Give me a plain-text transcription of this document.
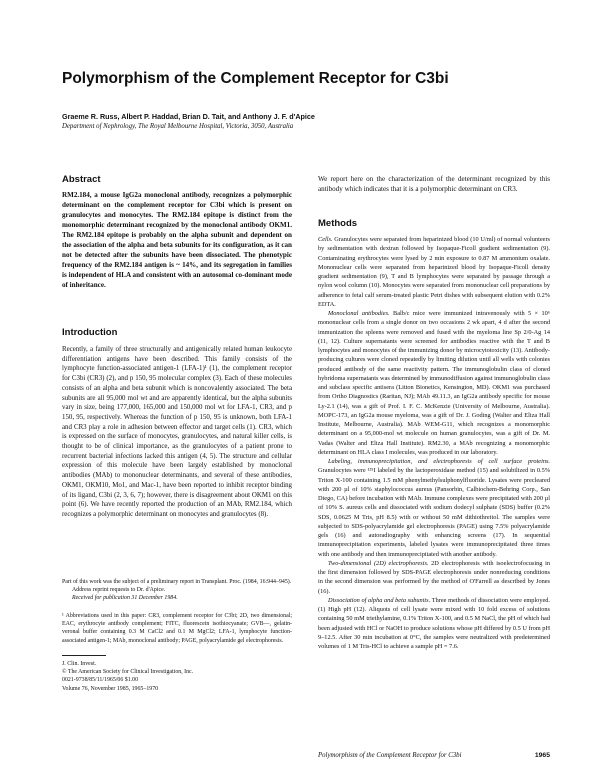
Polymorphism of the Complement Receptor for C3bi
Graeme R. Russ, Albert P. Haddad, Brian D. Tait, and Anthony J. F. d'Apice
Department of Nephrology, The Royal Melbourne Hospital, Victoria, 3050, Australia
Abstract
RM2.184, a mouse IgG2a monoclonal antibody, recognizes a polymorphic determinant on the complement receptor for C3bi which is present on granulocytes and monocytes. The RM2.184 epitope is distinct from the monomorphic determinant recognized by the monoclonal antibody OKM1. The RM2.184 epitope is probably on the alpha subunit and dependent on the association of the alpha and beta subunits for its configuration, as it can not be detected after the subunits have been dissociated. The phenotypic frequency of the RM2.184 antigen is ~ 14%, and its segregation in families is independent of HLA and consistent with an autosomal co-dominant mode of inheritance.
Introduction
Recently, a family of three structurally and antigenically related human leukocyte differentiation antigens have been described. This family consists of the lymphocyte function-associated antigen-1 (LFA-1)¹ (1), the complement receptor for C3bi (CR3) (2), and p 150, 95 molecular complex (3). Each of these molecules consists of an alpha and beta subunit which is noncovalently associated. The beta subunits are all 95,000 mol wt and are apparently identical, but the alpha subunits vary in size, being 177,000, 165,000 and 150,000 mol wt for LFA-1, CR3, and p 150, 95, respectively. Whereas the function of p 150, 95 is unknown, both LFA-1 and CR3 play a role in adhesion between effector and target cells (1). CR3, which is expressed on the surface of monocytes, granulocytes, and natural killer cells, is thought to be of clinical importance, as the granulocytes of a patient prone to recurrent bacterial infections lacked this antigen (4, 5). The structure and cellular expression of this molecule have been largely established by monoclonal antibodies (MAb) to mononuclear determinants, and several of these antibodies, OKM1, OKM10, Mo1, and Mac-1, have been reported to inhibit receptor binding of its ligand, C3bi (2, 3, 6, 7); however, there is disagreement about OKM1 on this point (6). We have recently reported the production of an MAb, RM2.184, which recognizes a polymorphic determinant on monocytes and granulocytes (8).

Part of this work was the subject of a preliminary report in Transplant. Proc. (1984, 16:944–945).

Address reprint requests to Dr. d'Apice.

Received for publication 31 December 1984.

¹ Abbreviations used in this paper: CR3, complement receptor for C3bi; 2D, two dimensional; EAC, erythrocyte antibody complement; FITC, fluorescein isothiocyanate; GVB—, gelatin-veronal buffer containing 0.3 M CaCl2 and 0.1 M MgCl2; LFA-1, lymphocyte function-associated antigen-1; MAb, monoclonal antibody; PAGE, polyacrylamide gel electrophoresis.

J. Clin. Invest.

© The American Society for Clinical Investigation, Inc.

0021-9738/85/11/1965/06 $1.00

Volume 76, November 1985, 1965–1970

We report here on the characterization of the determinant recognized by this antibody which indicates that it is a polymorphic determinant on CR3.
Methods

Cells. Granulocytes were separated from heparinized blood (10 U/ml) of normal volunteers by sedimentation with dextran followed by Isopaque-Ficoll gradient sedimentation (9). Contaminating erythrocytes were lysed by 2 min exposure to 0.87 M ammonium oxalate. Mononuclear cells were separated from heparinized blood by Isopaque-Ficoll density gradient sedimentation (9), T and B lymphocytes were separated by passage through a nylon wool column (10). Monocytes were separated from mononuclear cell preparations by adherence to fetal calf serum-treated plastic Petri dishes with subsequent elution with 0.2% EDTA.

Monoclonal antibodies. Balb/c mice were immunized intravenously with 5 × 10⁶ mononuclear cells from a single donor on two occasions 2 wk apart, 4 d after the second immunization the spleens were removed and fused with the myeloma line Sp 2/0-Ag 14 (11, 12). Culture supernatants were screened for antibodies reactive with the T and B lymphocytes and monocytes of the immunizing donor by microcytotoxicity (13). Antibody-producing cultures were cloned repeatedly by limiting dilution until all wells with colonies produced antibody of the same reactivity pattern. The immunoglobulin class of cloned hybridoma supernatants was determined by immunodiffusion against immunoglobulin class and subclass specific antisera (Litton Bionetics, Kensington, MD). OKM1 was purchased from Ortho Diagnostics (Raritan, NJ); MAb 49.11.3, an IgG2a antibody specific for mouse Ly-2.1 (14), was a gift of Prof. I. F. C. McKenzie (University of Melbourne, Australia). MOPC-173, an IgG2a mouse myeloma, was a gift of Dr. J. Goding (Walter and Eliza Hall Institute, Melbourne, Australia). MAb WEM-G11, which recognizes a monomorphic determinant on a 95,000-mol wt molecule on human granulocytes, was a gift of Dr. M. Vadas (Walter and Eliza Hall Institute). RM2.30, a MAb recognizing a monomorphic determinant on HLA class I molecules, was produced in our laboratory.

Labeling, immunoprecipitation, and electrophoresis of cell surface proteins. Granulocytes were ¹²⁵I labeled by the lactoperoxidase method (15) and solubilized in 0.5% Triton X-100 containing 1.5 mM phenylmethylsulphonylfluoride. Lysates were precleared with 200 µl of 10% staphylococcus aureus (Pansorbin, Calbiochem-Behring Corp., San Diego, CA) before incubation with MAb. Immune complexes were precipitated with 200 µl of 10% S. aureus cells and dissociated with sodium dodecyl sulphate (SDS) buffer (0.2% SDS, 0.0625 M Tris, pH 8.5) with or without 50 mM dithiothreitol. The samples were subjected to SDS-polyacrylamide gel electrophoresis (PAGE) using 7.5% polyacrylamide gels (16) and autoradiography with enhancing screens (17). In sequential immunoprecipitation experiments, labeled lysates were immunoprecipitated three times with one antibody and then immunoprecipitated with another antibody.

Two-dimensional (2D) electrophoresis. 2D electrophoresis with isoelectrofocusing in the first dimension followed by SDS-PAGE electrophoresis under nonreducing conditions in the second dimension was performed by the method of O'Farrell as described by Jones (16).

Dissociation of alpha and beta subunits. Three methods of dissociation were employed. (1) High pH (12). Aliquots of cell lysate were mixed with 10 fold excess of solutions containing 50 mM triethylamine, 0.1% Triton X-100, and 0.5 M NaCl, the pH of which had been adjusted with HCl or NaOH to produce solutions whose pH differed by 0.5 U from pH 9–12.5. After 30 min incubation at 0°C, the samples were neutralized with predetermined volumes of 1 M Tris-HCl to achieve a sample pH = 7.6.

Polymorphism of the Complement Receptor for C3bi	1965
